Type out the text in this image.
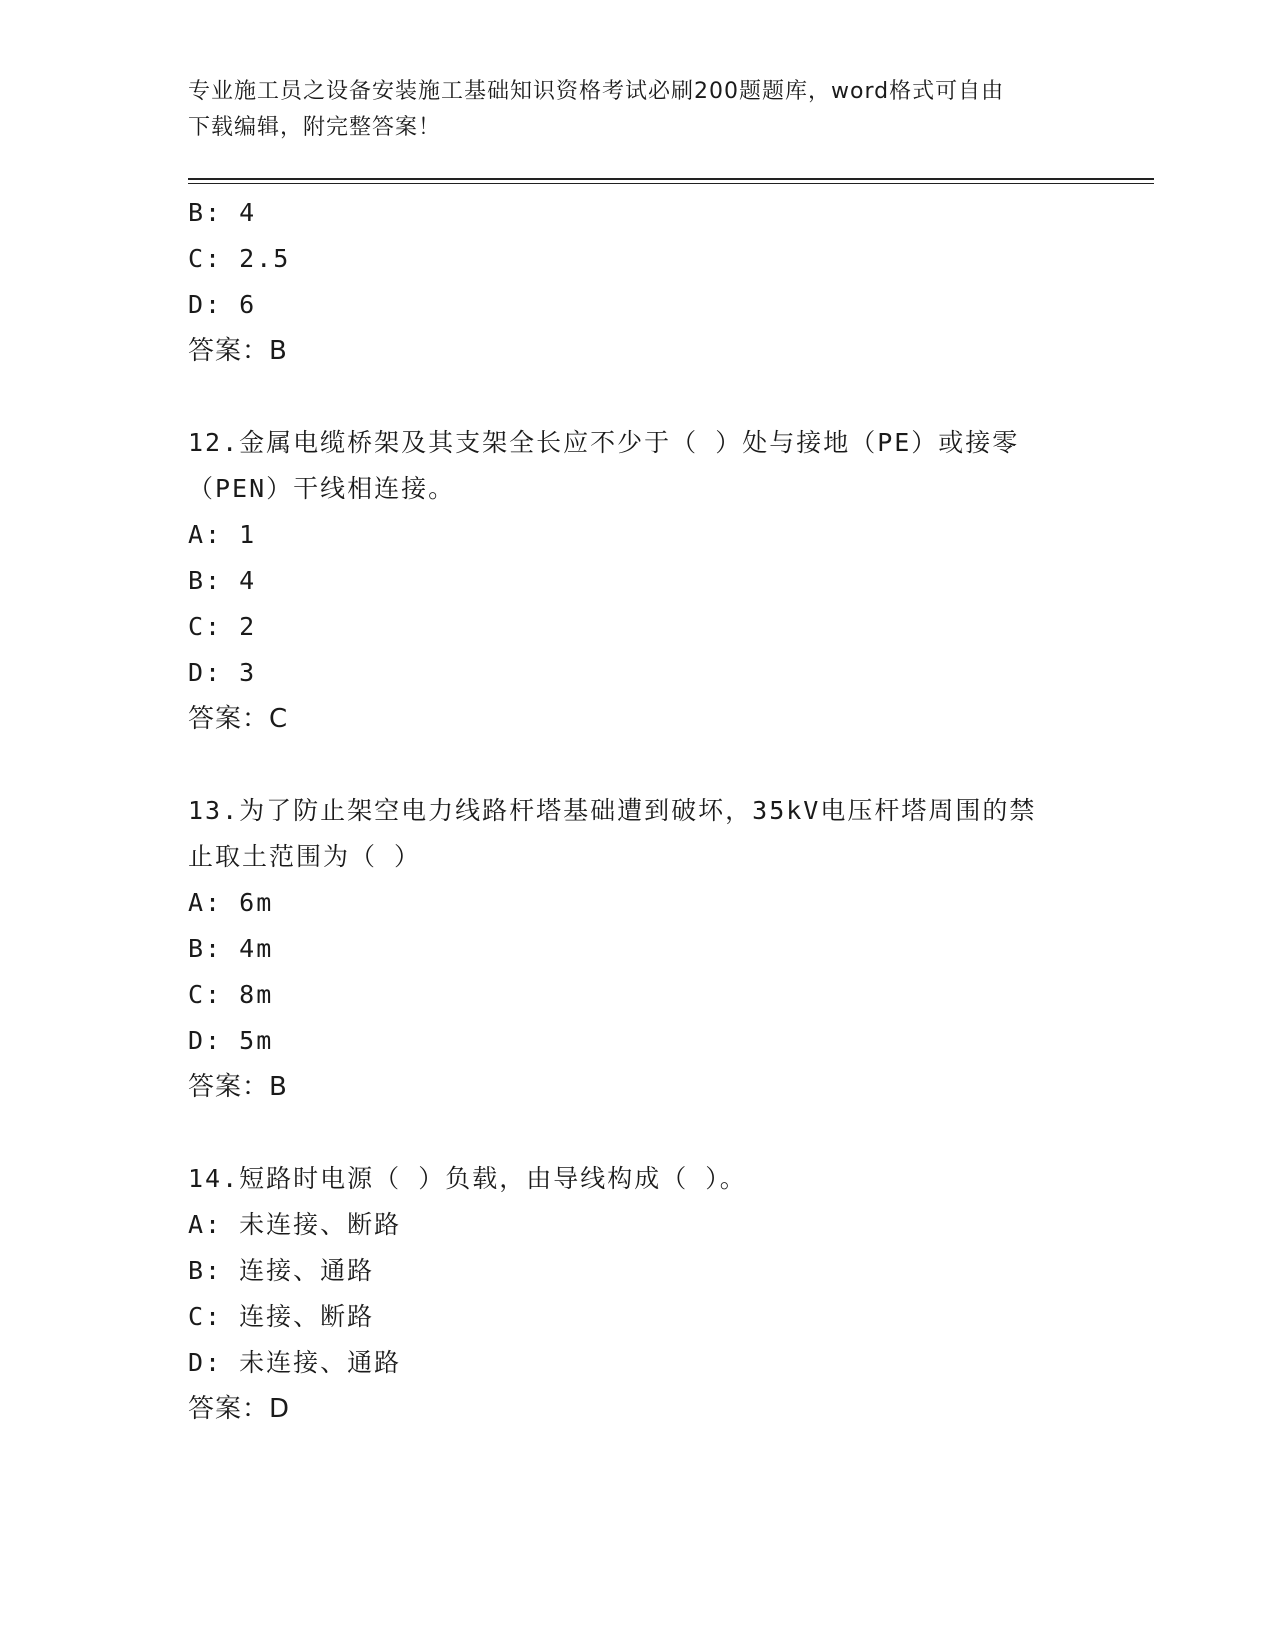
专业施工员之设备安装施工基础知识资格考试必刷200题题库，word格式可自由
下载编辑，附完整答案！
B: 4
C: 2.5
D: 6
答案：B
12.金属电缆桥架及其支架全长应不少于（ ）处与接地（PE）或接零
（PEN）干线相连接。
A: 1
B: 4
C: 2
D: 3
答案：C
13.为了防止架空电力线路杆塔基础遭到破坏，35kV电压杆塔周围的禁
止取土范围为（ ）
A: 6m
B: 4m
C: 8m
D: 5m
答案：B
14.短路时电源（ ）负载，由导线构成（ ）。
A: 未连接、断路
B: 连接、通路
C: 连接、断路
D: 未连接、通路
答案：D
